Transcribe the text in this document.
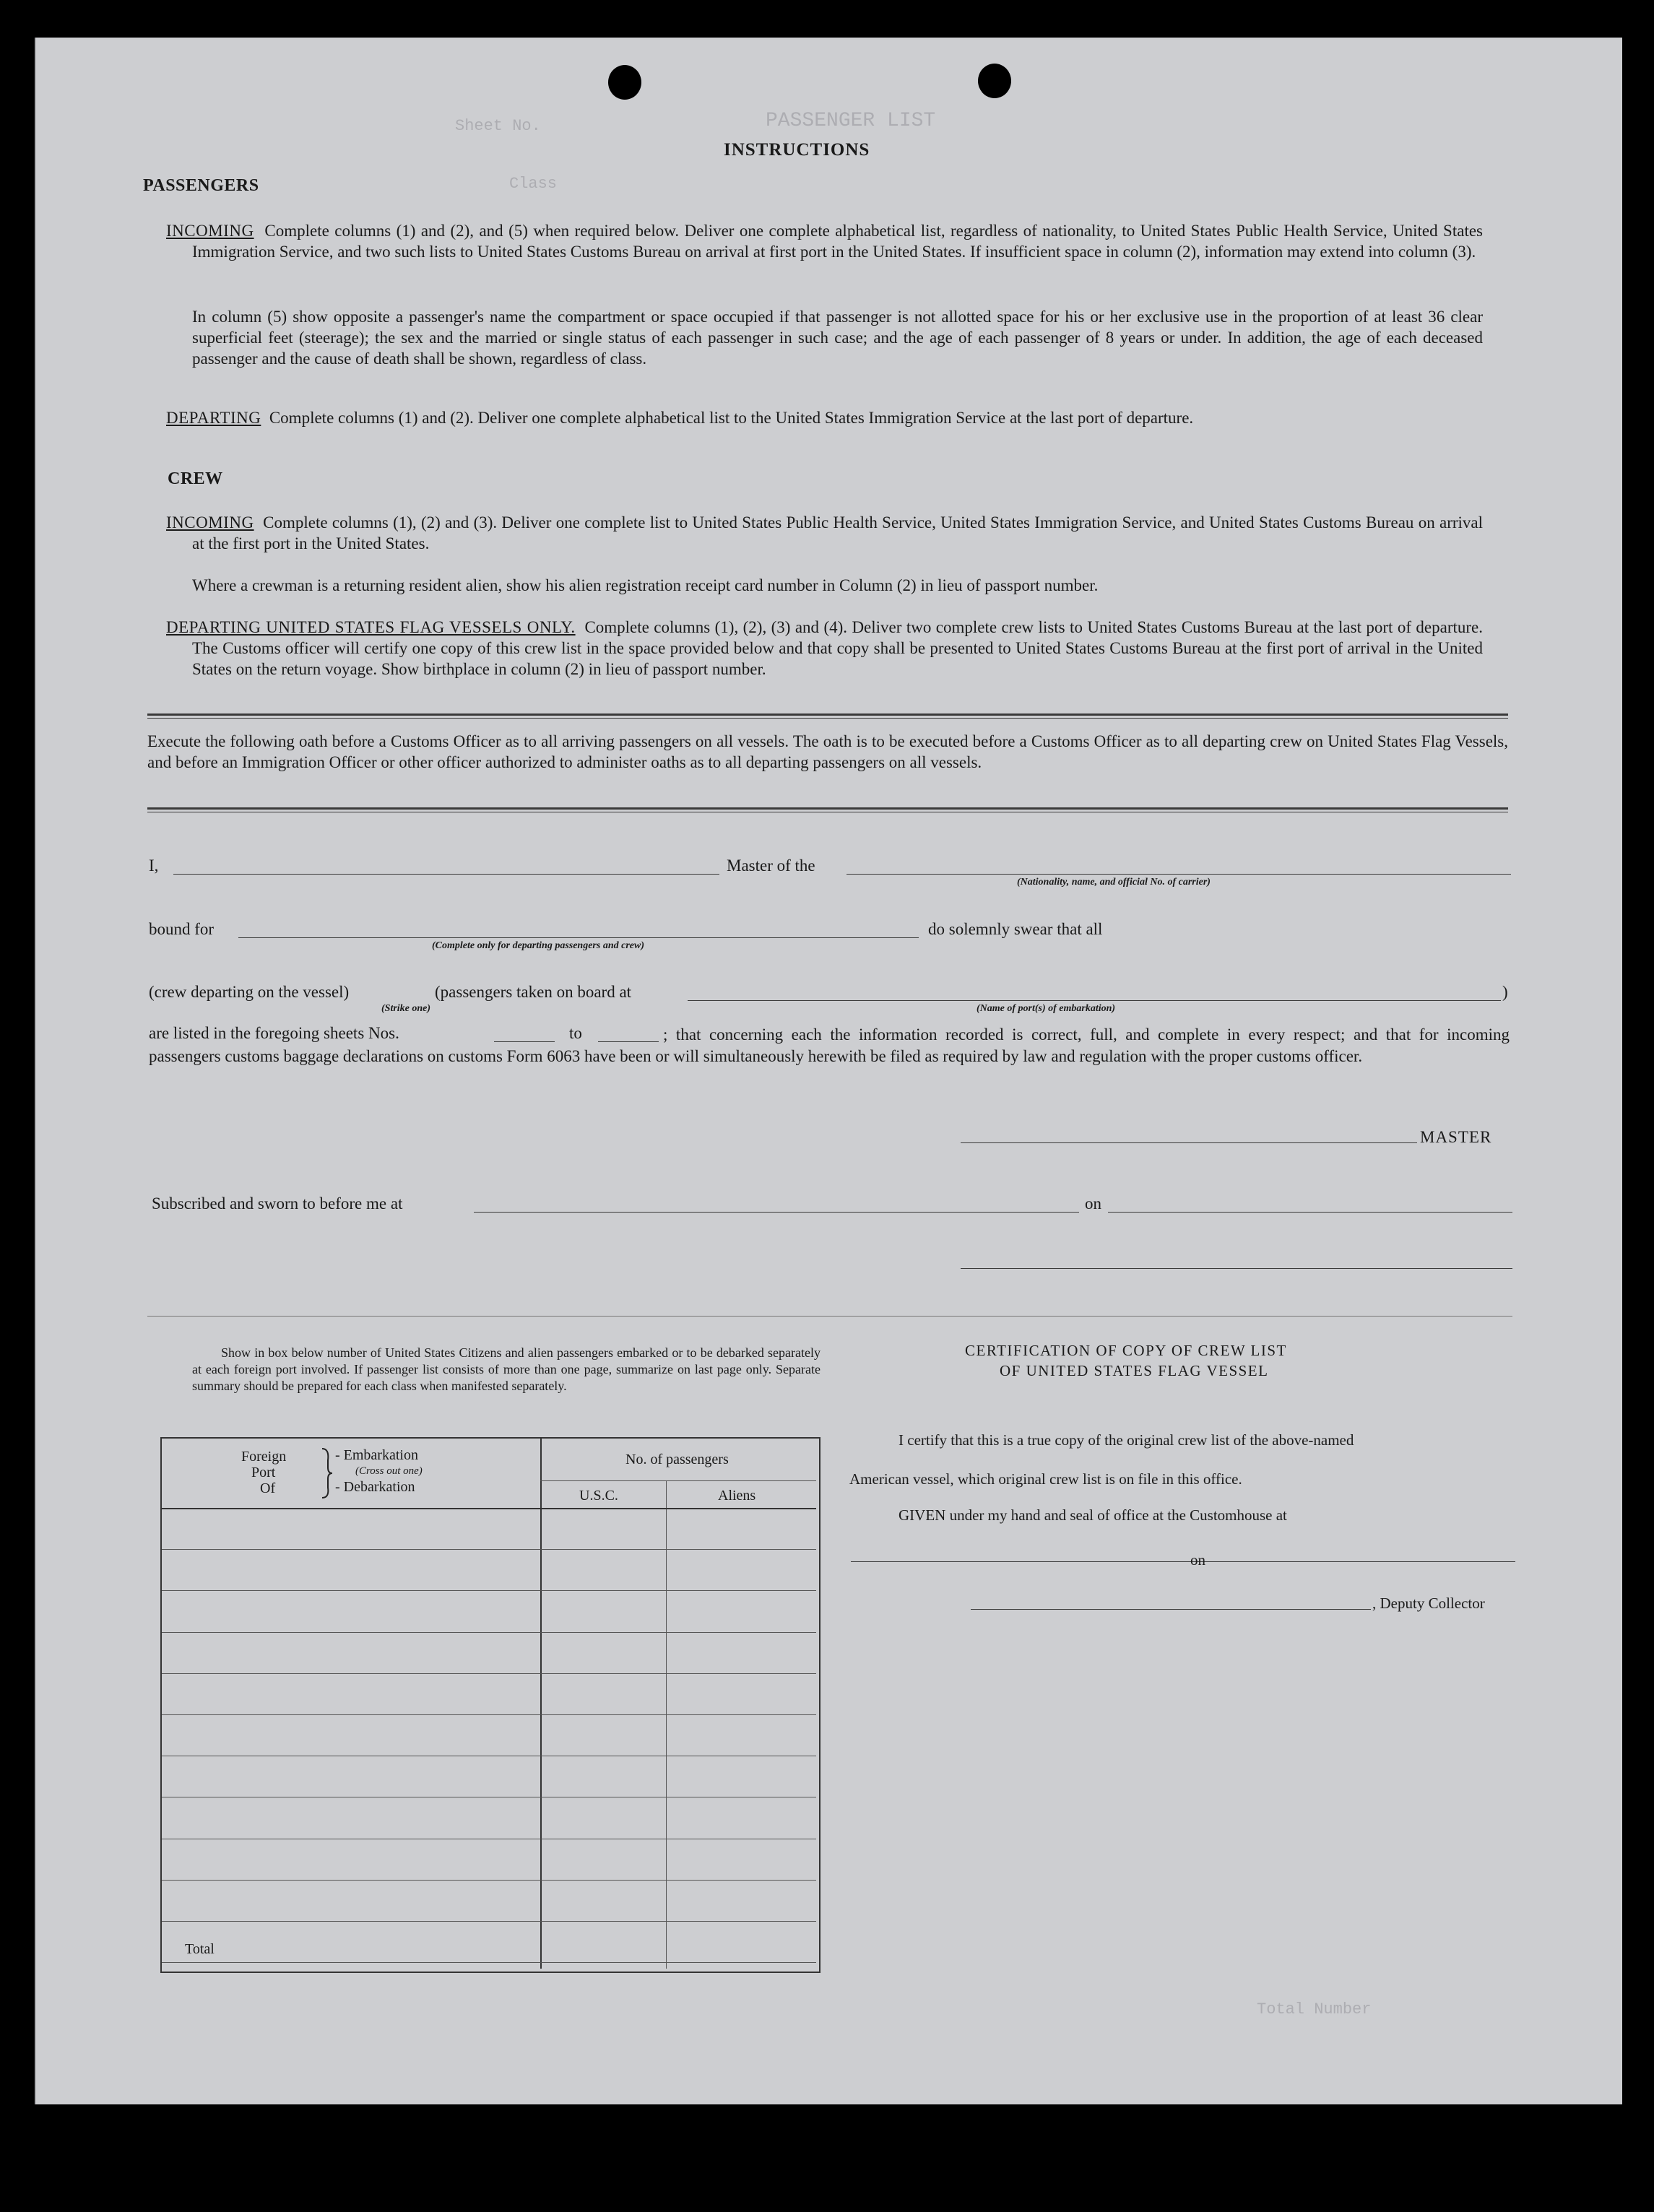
PASSENGER LIST
Sheet No.
Class
Total Number
INSTRUCTIONS
PASSENGERS
INCOMING Complete columns (1) and (2), and (5) when required below. Deliver one complete alphabetical list, regardless of nationality, to United States Public Health Service, United States Immigration Service, and two such lists to United States Customs Bureau on arrival at first port in the United States. If insufficient space in column (2), information may extend into column (3).
In column (5) show opposite a passenger's name the compartment or space occupied if that passenger is not allotted space for his or her exclusive use in the proportion of at least 36 clear superficial feet (steerage); the sex and the married or single status of each passenger in such case; and the age of each passenger of 8 years or under. In addition, the age of each deceased passenger and the cause of death shall be shown, regardless of class.
DEPARTING Complete columns (1) and (2). Deliver one complete alphabetical list to the United States Immigration Service at the last port of departure.
CREW
INCOMING Complete columns (1), (2) and (3). Deliver one complete list to United States Public Health Service, United States Immigration Service, and United States Customs Bureau on arrival at the first port in the United States.
Where a crewman is a returning resident alien, show his alien registration receipt card number in Column (2) in lieu of passport number.
DEPARTING UNITED STATES FLAG VESSELS ONLY. Complete columns (1), (2), (3) and (4). Deliver two complete crew lists to United States Customs Bureau at the last port of departure. The Customs officer will certify one copy of this crew list in the space provided below and that copy shall be presented to United States Customs Bureau at the first port of arrival in the United States on the return voyage. Show birthplace in column (2) in lieu of passport number.
Execute the following oath before a Customs Officer as to all arriving passengers on all vessels. The oath is to be executed before a Customs Officer as to all departing crew on United States Flag Vessels, and before an Immigration Officer or other officer authorized to administer oaths as to all departing passengers on all vessels.
I,	Master of the
(Nationality, name, and official No. of carrier)
bound for
(Complete only for departing passengers and crew)
do solemnly swear that all
(crew departing on the vessel)	(passengers taken on board at
(Strike one)
)
(Name of port(s) of embarkation)
are listed in the foregoing sheets Nos.	to	; that concerning each the information recorded is correct, full, and complete in every respect; and that for incoming passengers customs baggage declarations on customs Form 6063 have been or will simultaneously herewith be filed as required by law and regulation with the proper customs officer.
MASTER
Subscribed and sworn to before me at	on
Show in box below number of United States Citizens and alien passengers embarked or to be debarked separately at each foreign port involved. If passenger list consists of more than one page, summarize on last page only. Separate summary should be prepared for each class when manifested separately.
Foreign
Port
Of
- Embarkation
(Cross out one)
- Debarkation
No. of passengers
U.S.C.	Aliens
Total
CERTIFICATION OF COPY OF CREW LIST
OF UNITED STATES FLAG VESSEL
I certify that this is a true copy of the original crew list of the above-named
American vessel, which original crew list is on file in this office.
GIVEN under my hand and seal of office at the Customhouse at
on
, Deputy Collector
